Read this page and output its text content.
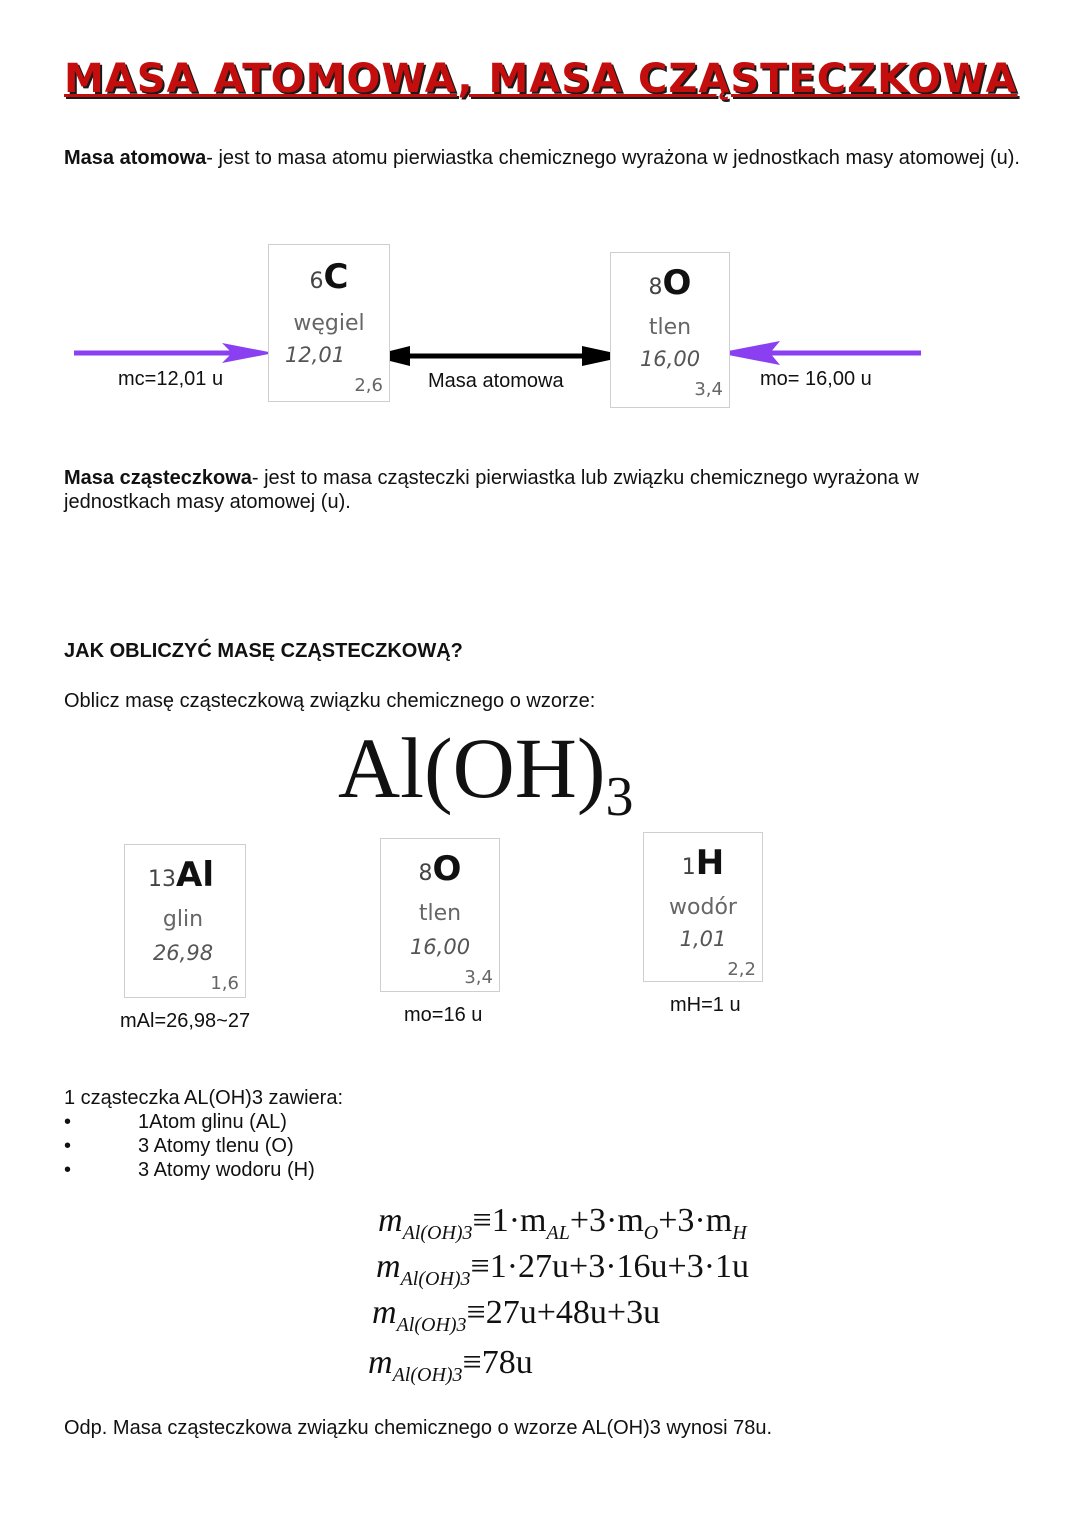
MASA ATOMOWA, MASA CZĄSTECZKOWA
Masa atomowa- jest to masa atomu pierwiastka chemicznego wyrażona w jednostkach masy atomowej (u).
6C
węgiel
12,01
2,6
8O
tlen
16,00
3,4
mc=12,01 u	Masa atomowa	mo= 16,00 u
Masa cząsteczkowa- jest to masa cząsteczki pierwiastka lub związku chemicznego wyrażona w jednostkach masy atomowej (u).
JAK OBLICZYĆ MASĘ CZĄSTECZKOWĄ?
Oblicz masę cząsteczkową związku chemicznego o wzorze:
$Al(OH)_3$
13Al
glin
26,98
1,6
8O
tlen
16,00
3,4
1H
wodór
1,01
2,2
mAl=26,98~27	mo=16 u	mH=1 u
1 cząsteczka AL(OH)3 zawiera:
•	1Atom glinu (AL)
•	3 Atomy tlenu (O)
•	3 Atomy wodoru (H)
$m_{Al(OH)3}\equiv 1\cdot m_{AL}+3\cdot m_O+3\cdot m_H$
$m_{Al(OH)3}\equiv 1\cdot 27u+3\cdot 16u+3\cdot 1u$
$m_{Al(OH)3}\equiv 27u+48u+3u$
$m_{Al(OH)3}\equiv 78u$
Odp. Masa cząsteczkowa związku chemicznego o wzorze AL(OH)3 wynosi 78u.
